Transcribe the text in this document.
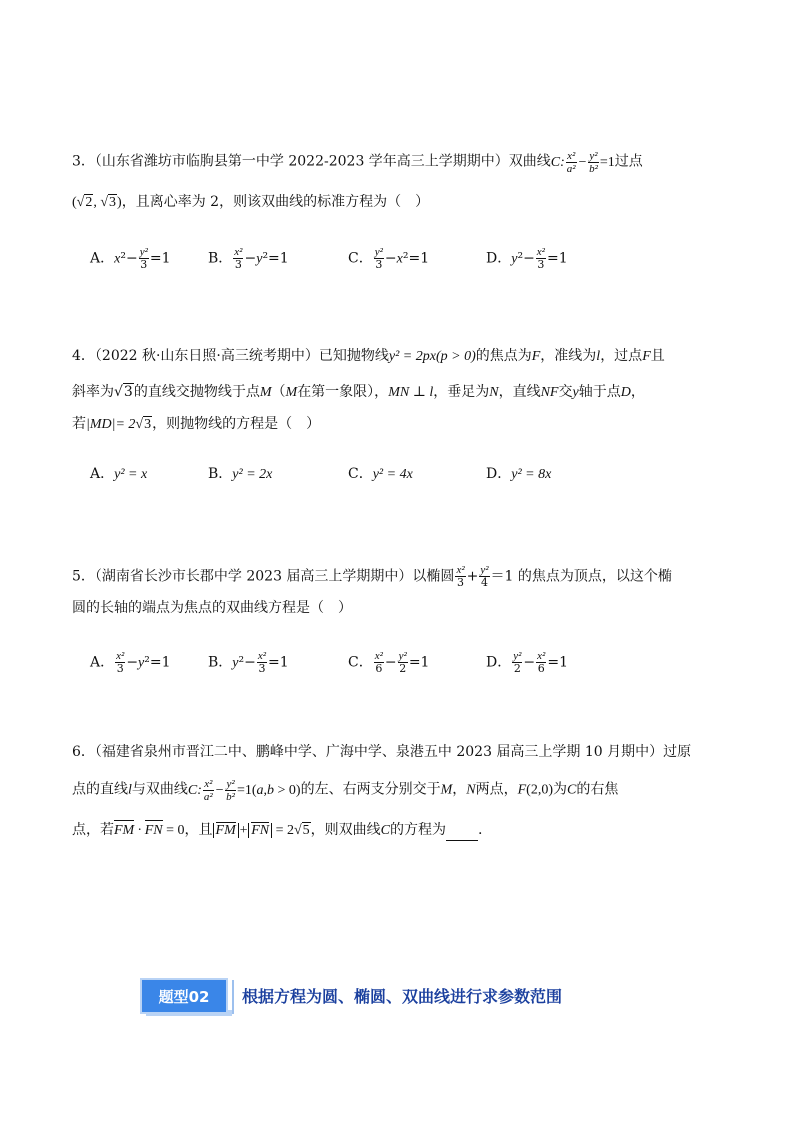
3．（山东省潍坊市临朐县第一中学 2022-2023 学年高三上学期期中）双曲线C: $\frac{\text{x²}}{\text{a²}} - \frac{\text{y²}}{\text{b²}} =1$过点
(√2, √3)，且离心率为 2，则该双曲线的标准方程为（　）
A．$x^2- \frac{\text{y²}}{3} =1$	B． $\frac{\text{x²}}{3} -y^2=1$	C． $\frac{\text{y²}}{3} -x^2=1$	D．$y^2- \frac{\text{x²}}{3} =1$
4．（2022 秋·山东日照·高三统考期中）已知抛物线y² = 2px(p > 0)的焦点为F，准线为l，过点F且
斜率为√3的直线交抛物线于点M（M在第一象限），MN ⊥ l，垂足为N，直线NF交y轴于点D，
若|MD|= 2√3，则抛物线的方程是（　）
A．y² = x	B．y² = 2x	C．y² = 4x	D．y² = 8x
5．（湖南省长沙市长郡中学 2023 届高三上学期期中）以椭圆 $\frac{\text{x²}}{3} + \frac{\text{y²}}{4} =1$ 的焦点为顶点，以这个椭
圆的长轴的端点为焦点的双曲线方程是（　）
A． $\frac{\text{x²}}{3} -y^2=1$	B．$y^2- \frac{\text{x²}}{3} =1$	C． $\frac{\text{x²}}{6} - \frac{\text{y²}}{2} =1$	D． $\frac{\text{y²}}{2} - \frac{\text{x²}}{6} =1$
6．（福建省泉州市晋江二中、鹏峰中学、广海中学、泉港五中 2023 届高三上学期 10 月期中）过原
点的直线l与双曲线C: $\frac{\text{x²}}{\text{a²}} - \frac{\text{y²}}{\text{b²}} =1(a,b > 0)$的左、右两支分别交于M，N两点，F(2,0)为C的右焦
点，若FM · FN = 0，且 FM + FN = 2√5，则双曲线C的方程为 .
题型02	根据方程为圆、椭圆、双曲线进行求参数范围
